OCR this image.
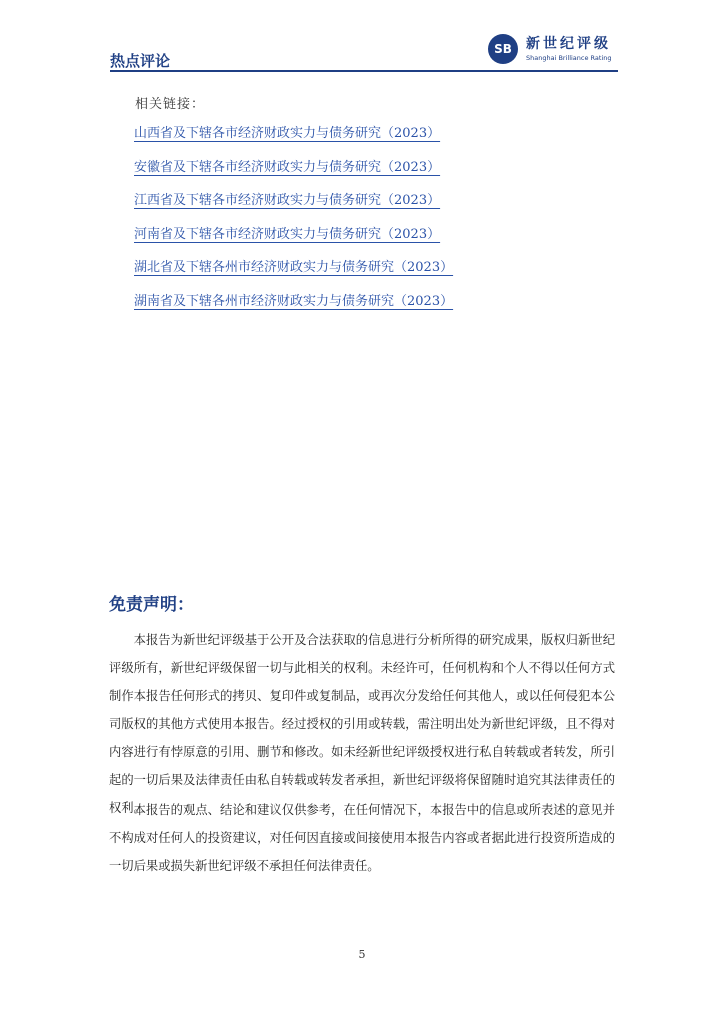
热点评论
SB	新世纪评级
Shanghai Brilliance Rating
相关链接：
山西省及下辖各市经济财政实力与债务研究（2023）
安徽省及下辖各市经济财政实力与债务研究（2023）
江西省及下辖各市经济财政实力与债务研究（2023）
河南省及下辖各市经济财政实力与债务研究（2023）
湖北省及下辖各州市经济财政实力与债务研究（2023）
湖南省及下辖各州市经济财政实力与债务研究（2023）
免责声明：

本报告为新世纪评级基于公开及合法获取的信息进行分析所得的研究成果，版权归新世纪评级所有，新世纪评级保留一切与此相关的权利。未经许可，任何机构和个人不得以任何方式制作本报告任何形式的拷贝、复印件或复制品，或再次分发给任何其他人，或以任何侵犯本公司版权的其他方式使用本报告。经过授权的引用或转载，需注明出处为新世纪评级，且不得对内容进行有悖原意的引用、删节和修改。如未经新世纪评级授权进行私自转载或者转发，所引起的一切后果及法律责任由私自转载或转发者承担，新世纪评级将保留随时追究其法律责任的权利。

本报告的观点、结论和建议仅供参考，在任何情况下，本报告中的信息或所表述的意见并不构成对任何人的投资建议，对任何因直接或间接使用本报告内容或者据此进行投资所造成的一切后果或损失新世纪评级不承担任何法律责任。

5
